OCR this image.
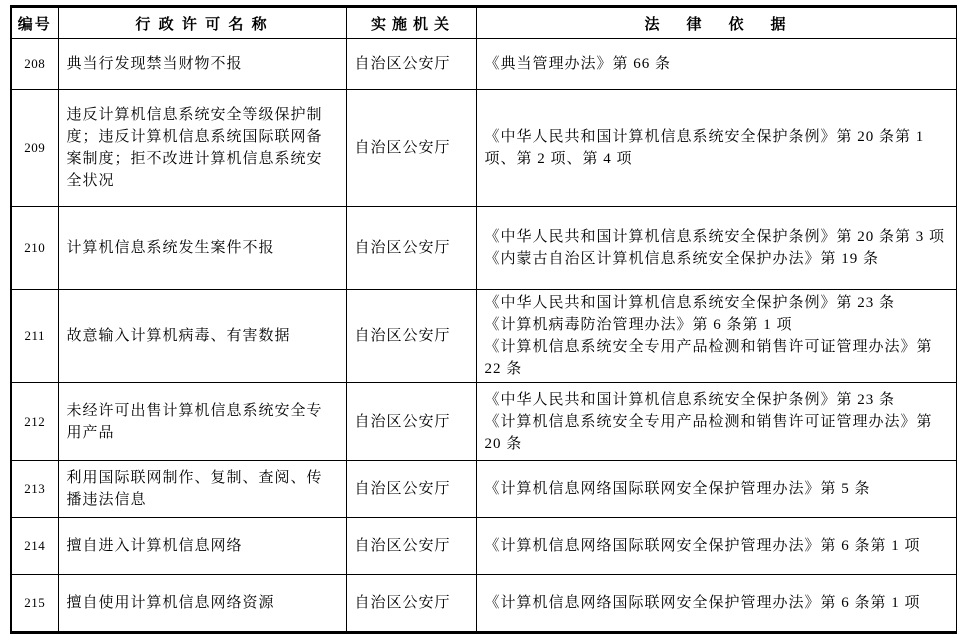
编号	行政许可名称	实施机关	法律依据
208	典当行发现禁当财物不报	自治区公安厅	《典当管理办法》第 66 条

209	违反计算机信息系统安全等级保护制度；违反计算机信息系统国际联网备案制度；拒不改进计算机信息系统安全状况	自治区公安厅	《中华人民共和国计算机信息系统安全保护条例》第 20 条第 1 项、第 2 项、第 4 项

210	计算机信息系统发生案件不报	自治区公安厅	《中华人民共和国计算机信息系统安全保护条例》第 20 条第 3 项
《内蒙古自治区计算机信息系统安全保护办法》第 19 条

211	故意输入计算机病毒、有害数据	自治区公安厅	《中华人民共和国计算机信息系统安全保护条例》第 23 条
《计算机病毒防治管理办法》第 6 条第 1 项
《计算机信息系统安全专用产品检测和销售许可证管理办法》第 22 条

212	未经许可出售计算机信息系统安全专用产品	自治区公安厅	《中华人民共和国计算机信息系统安全保护条例》第 23 条
《计算机信息系统安全专用产品检测和销售许可证管理办法》第 20 条

213	利用国际联网制作、复制、查阅、传播违法信息	自治区公安厅	《计算机信息网络国际联网安全保护管理办法》第 5 条

214	擅自进入计算机信息网络	自治区公安厅	《计算机信息网络国际联网安全保护管理办法》第 6 条第 1 项

215	擅自使用计算机信息网络资源	自治区公安厅	《计算机信息网络国际联网安全保护管理办法》第 6 条第 1 项
